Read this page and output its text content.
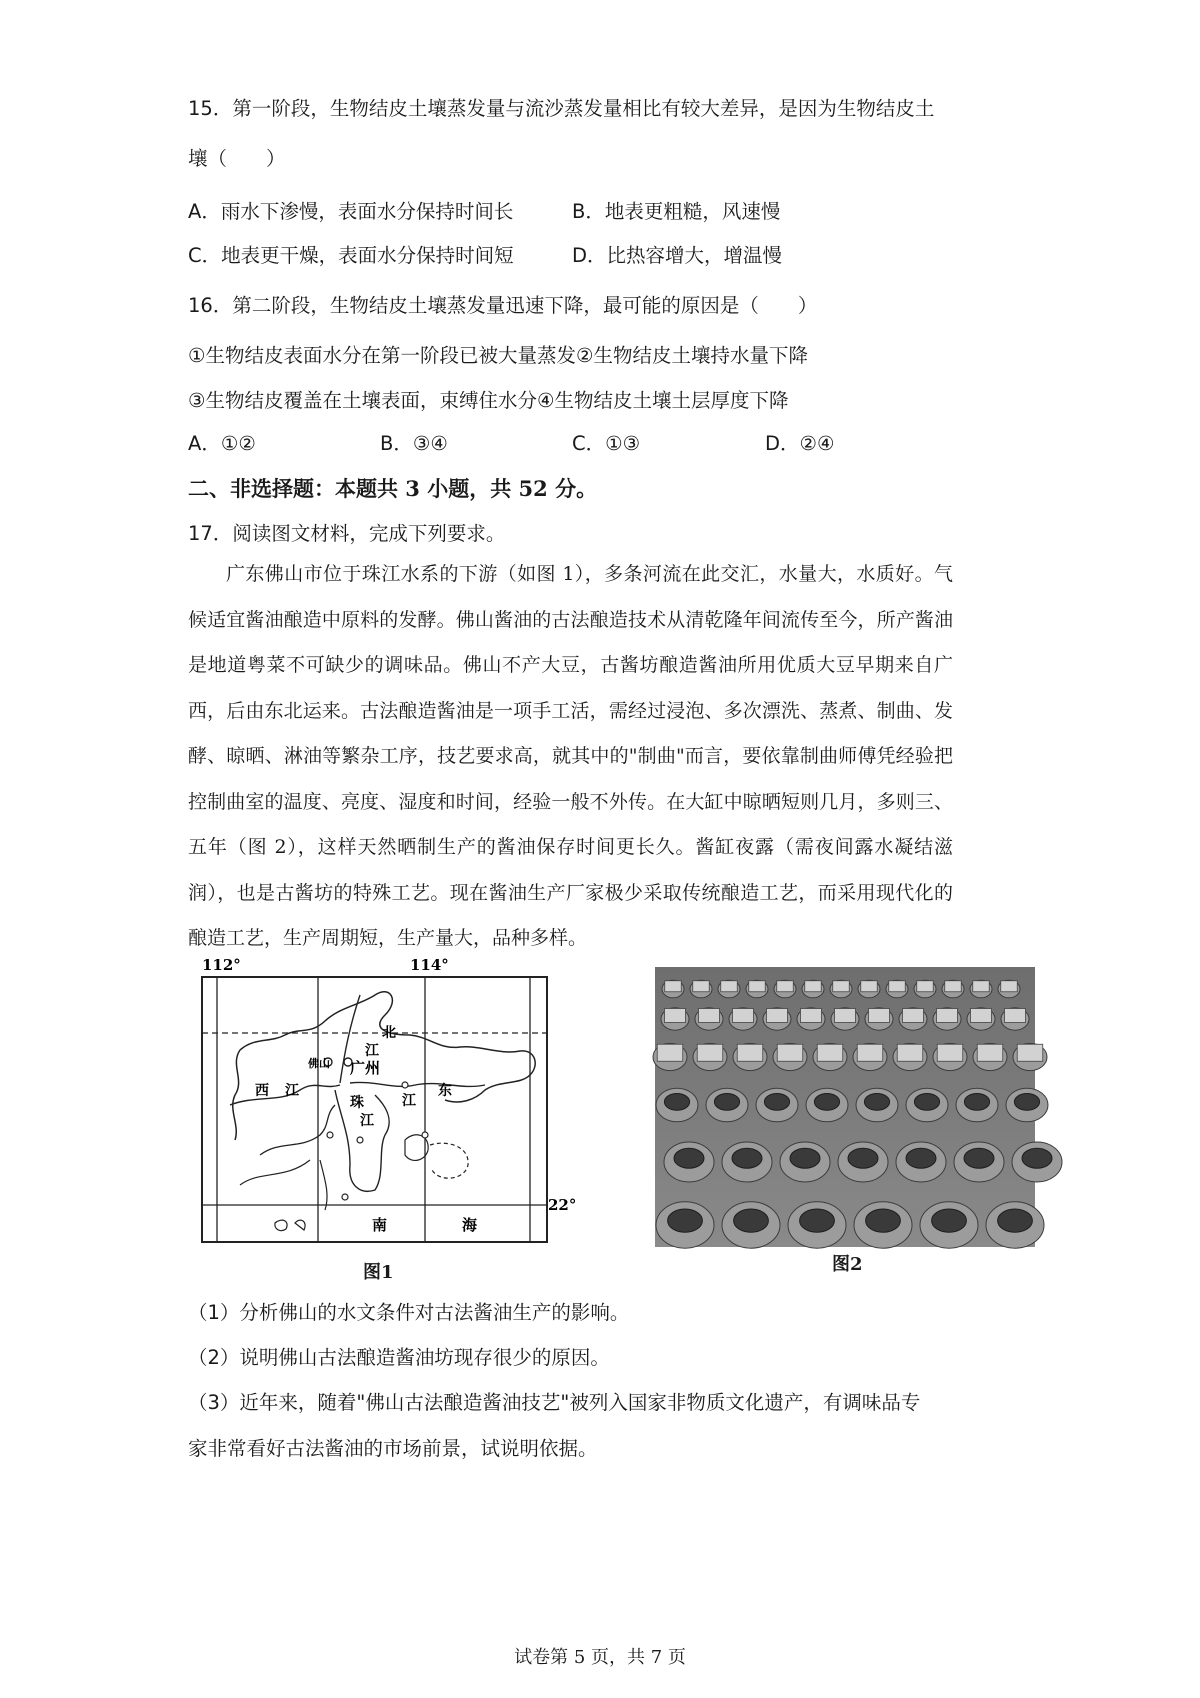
15．第一阶段，生物结皮土壤蒸发量与流沙蒸发量相比有较大差异，是因为生物结皮土
壤（　　）
A．雨水下渗慢，表面水分保持时间长	B．地表更粗糙，风速慢
C．地表更干燥，表面水分保持时间短	D．比热容增大，增温慢
16．第二阶段，生物结皮土壤蒸发量迅速下降，最可能的原因是（　　）
①生物结皮表面水分在第一阶段已被大量蒸发②生物结皮土壤持水量下降
③生物结皮覆盖在土壤表面，束缚住水分④生物结皮土壤土层厚度下降
A．①②	B．③④	C．①③	D．②④
二、非选择题：本题共 3 小题，共 52 分。
17．阅读图文材料，完成下列要求。

广东佛山市位于珠江水系的下游（如图 1），多条河流在此交汇，水量大，水质好。气候适宜酱油酿造中原料的发酵。佛山酱油的古法酿造技术从清乾隆年间流传至今，所产酱油是地道粤菜不可缺少的调味品。佛山不产大豆，古酱坊酿造酱油所用优质大豆早期来自广西，后由东北运来。古法酿造酱油是一项手工活，需经过浸泡、多次漂洗、蒸煮、制曲、发酵、晾晒、淋油等繁杂工序，技艺要求高，就其中的"制曲"而言，要依靠制曲师傅凭经验把控制曲室的温度、亮度、湿度和时间，经验一般不外传。在大缸中晾晒短则几月，多则三、五年（图 2），这样天然晒制生产的酱油保存时间更长久。酱缸夜露（需夜间露水凝结滋润），也是古酱坊的特殊工艺。现在酱油生产厂家极少采取传统酿造工艺，而采用现代化的酿造工艺，生产周期短，生产量大，品种多样。

112°	114°
22°
北
江
广州
佛山
西 江
珠
江
江
东
南	海
图1	图2
（1）分析佛山的水文条件对古法酱油生产的影响。
（2）说明佛山古法酿造酱油坊现存很少的原因。
（3）近年来，随着"佛山古法酿造酱油技艺"被列入国家非物质文化遗产，有调味品专
家非常看好古法酱油的市场前景，试说明依据。
试卷第 5 页，共 7 页
